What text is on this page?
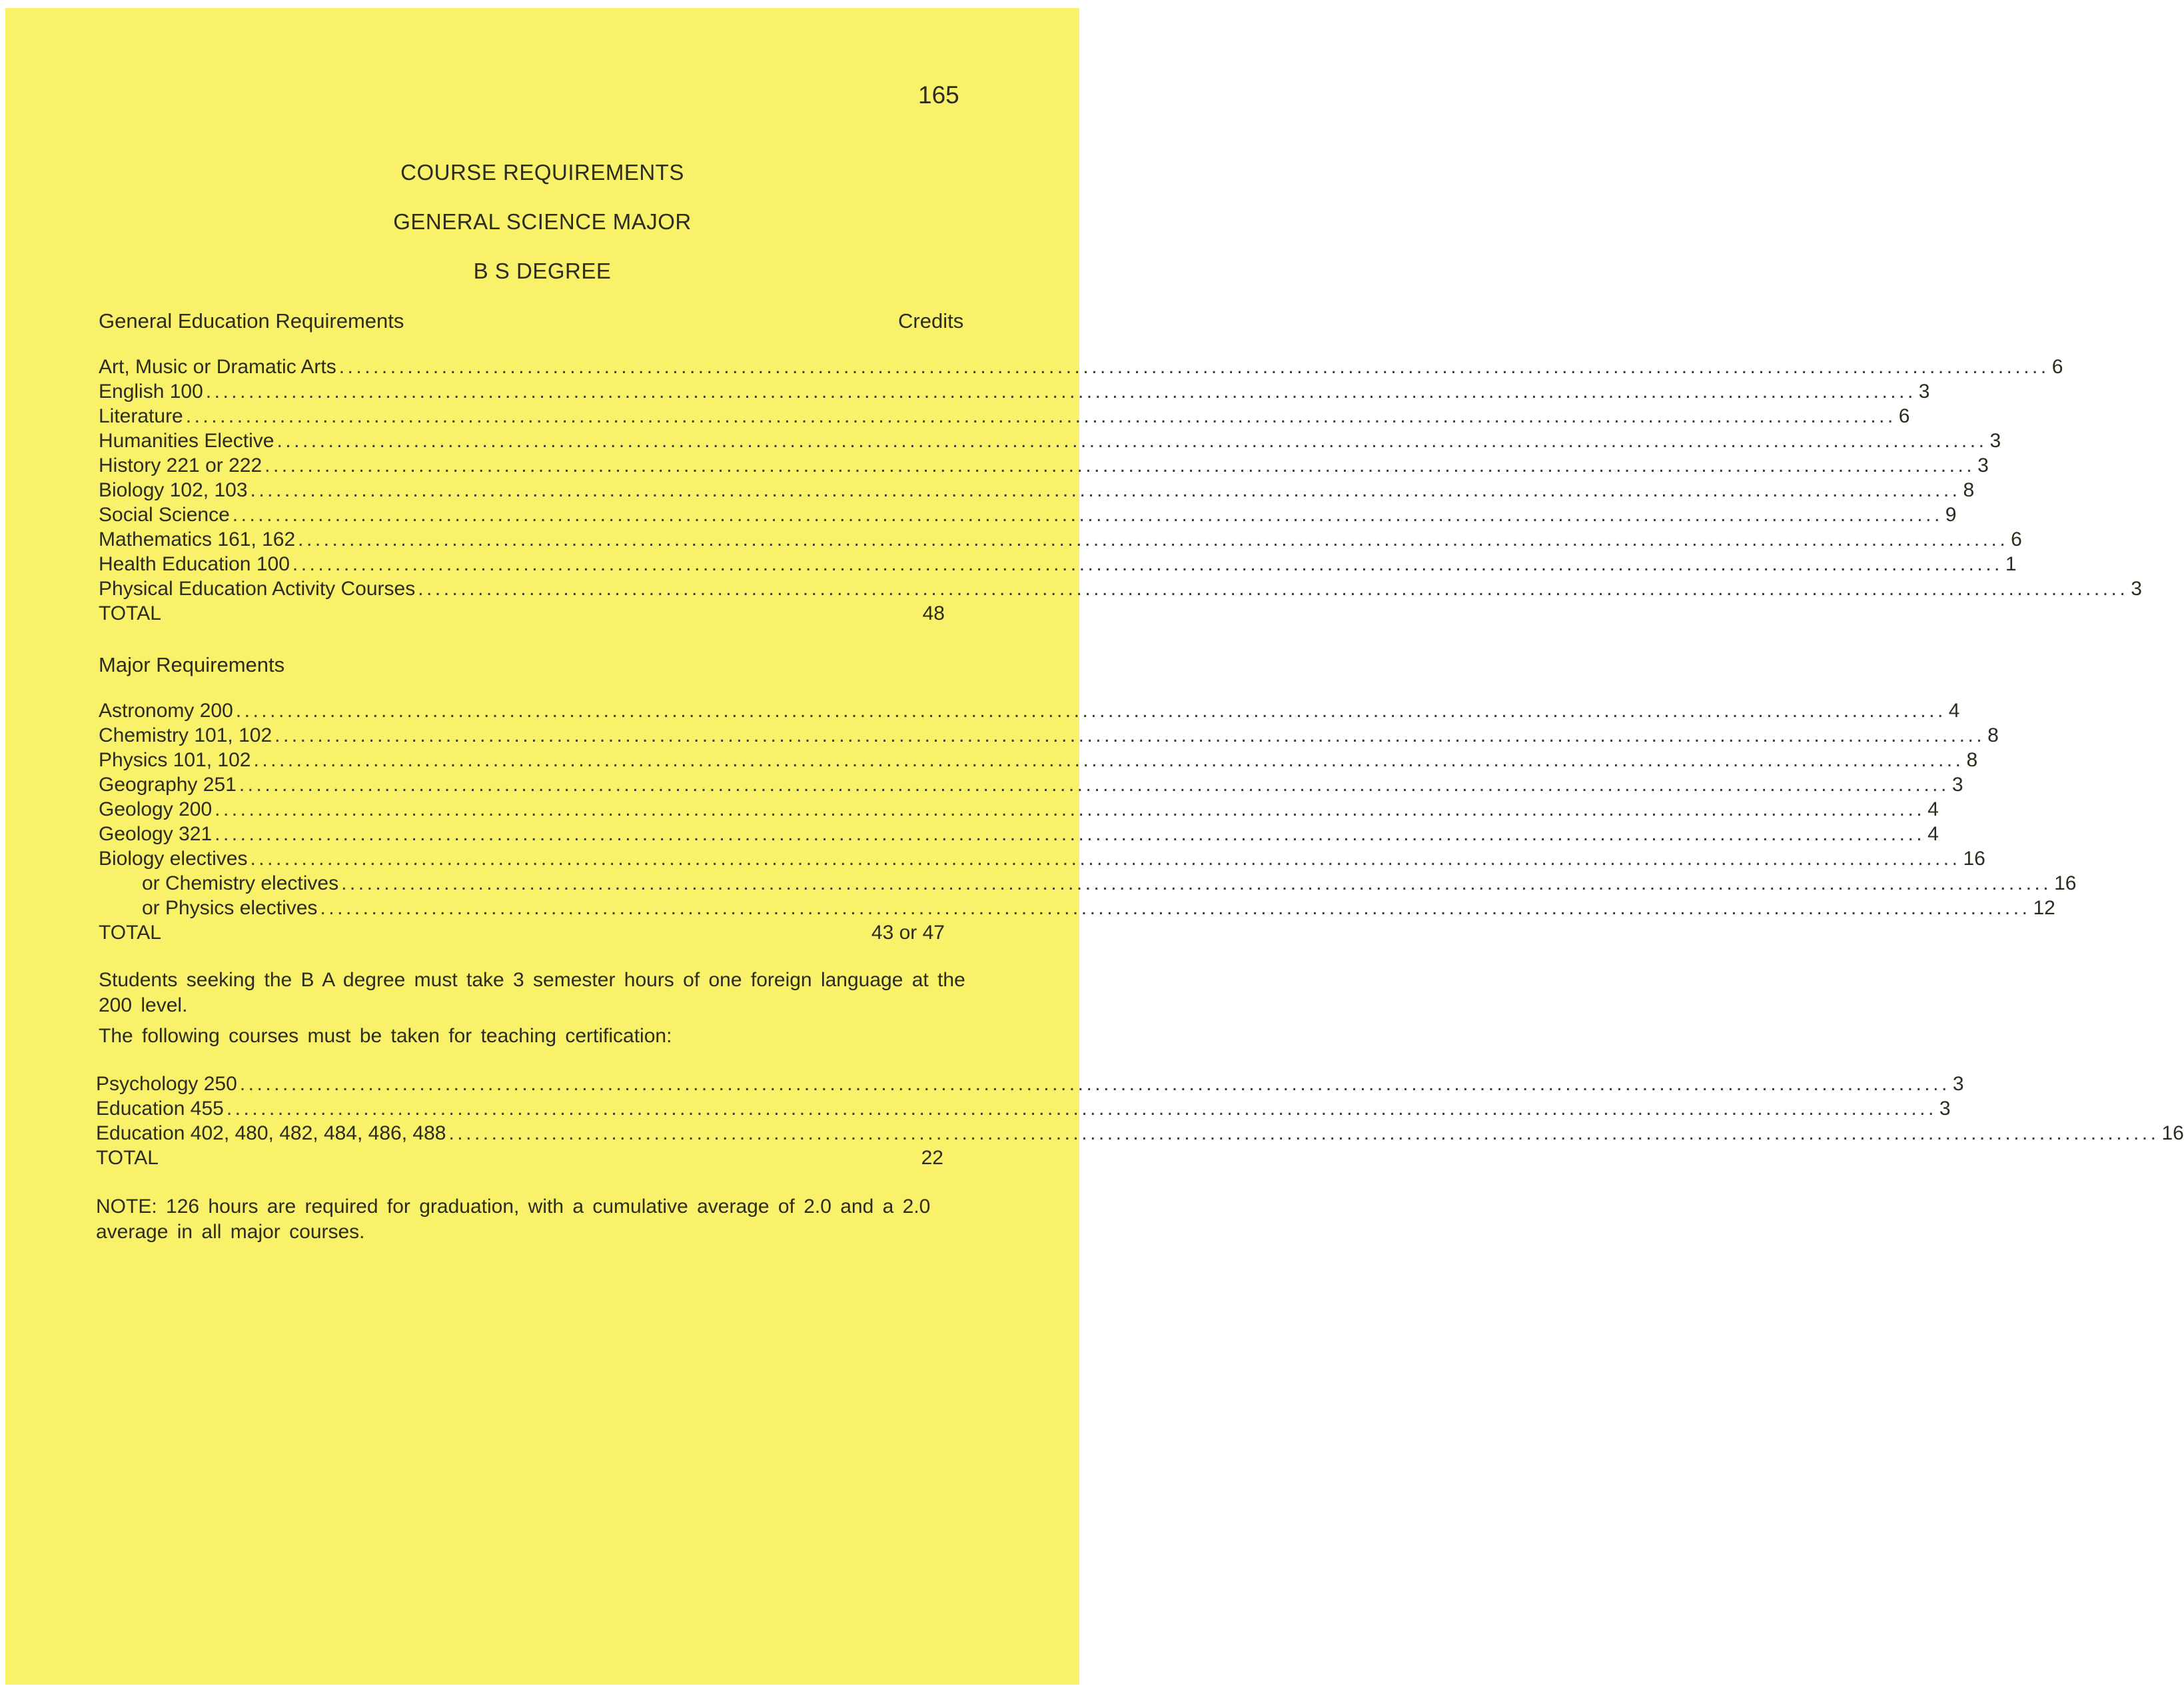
165
COURSE REQUIREMENTS
GENERAL SCIENCE MAJOR
B S DEGREE
General Education Requirements	Credits
Art, Music or Dramatic Arts ........................................................................................................................................................................................................ 6
English 100 ........................................................................................................................................................................................................ 3
Literature ........................................................................................................................................................................................................ 6
Humanities Elective ........................................................................................................................................................................................................ 3
History 221 or 222 ........................................................................................................................................................................................................ 3
Biology 102, 103 ........................................................................................................................................................................................................ 8
Social Science ........................................................................................................................................................................................................ 9
Mathematics 161, 162 ........................................................................................................................................................................................................ 6
Health Education 100 ........................................................................................................................................................................................................ 1
Physical Education Activity Courses ........................................................................................................................................................................................................ 3
TOTAL	48
Major Requirements
Astronomy 200 ........................................................................................................................................................................................................ 4
Chemistry 101, 102 ........................................................................................................................................................................................................ 8
Physics 101, 102 ........................................................................................................................................................................................................ 8
Geography 251 ........................................................................................................................................................................................................ 3
Geology 200 ........................................................................................................................................................................................................ 4
Geology 321 ........................................................................................................................................................................................................ 4
Biology electives ........................................................................................................................................................................................................ 16
or Chemistry electives ........................................................................................................................................................................................................ 16
or Physics electives ........................................................................................................................................................................................................ 12
TOTAL	43 or 47
Students seeking the B A degree must take 3 semester hours of one foreign language at the 200 level.
The following courses must be taken for teaching certification:
Psychology 250 ........................................................................................................................................................................................................ 3
Education 455 ........................................................................................................................................................................................................ 3
Education 402, 480, 482, 484, 486, 488 ........................................................................................................................................................................................................ 16
TOTAL	22
NOTE: 126 hours are required for graduation, with a cumulative average of 2.0 and a 2.0 average in all major courses.
